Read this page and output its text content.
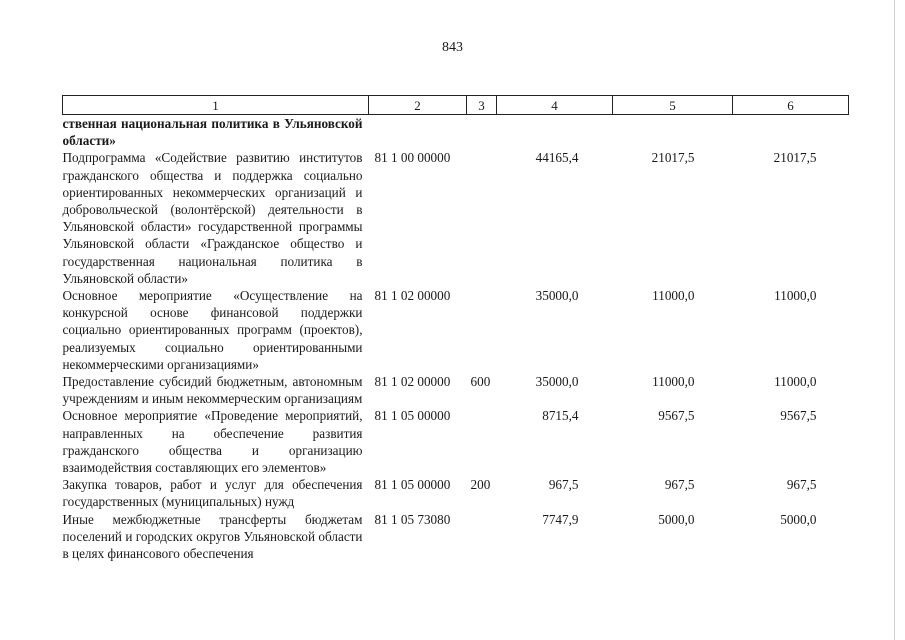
843
1	2	3	4	5	6
ственная национальная политика в Ульяновской области»					
Подпрограмма «Содействие развитию институтов гражданского общества и поддержка социально ориентированных некоммерческих организаций и добровольческой (волонтёрской) деятельности в Ульяновской области» государственной программы Ульяновской области «Гражданское общество и государственная национальная политика в Ульяновской области»	81 1 00 00000		44165,4	21017,5	21017,5
Основное мероприятие «Осуществление на конкурсной основе финансовой поддержки социально ориентированных программ (проектов), реализуемых социально ориентированными некоммерческими организациями»	81 1 02 00000		35000,0	11000,0	11000,0
Предоставление субсидий бюджетным, автономным учреждениям и иным некоммерческим организациям	81 1 02 00000	600	35000,0	11000,0	11000,0
Основное мероприятие «Проведение мероприятий, направленных на обеспечение развития гражданского общества и организацию взаимодействия составляющих его элементов»	81 1 05 00000		8715,4	9567,5	9567,5
Закупка товаров, работ и услуг для обеспечения государственных (муниципальных) нужд	81 1 05 00000	200	967,5	967,5	967,5
Иные межбюджетные трансферты бюджетам поселений и городских округов Ульяновской области в целях финансового обеспечения	81 1 05 73080		7747,9	5000,0	5000,0
